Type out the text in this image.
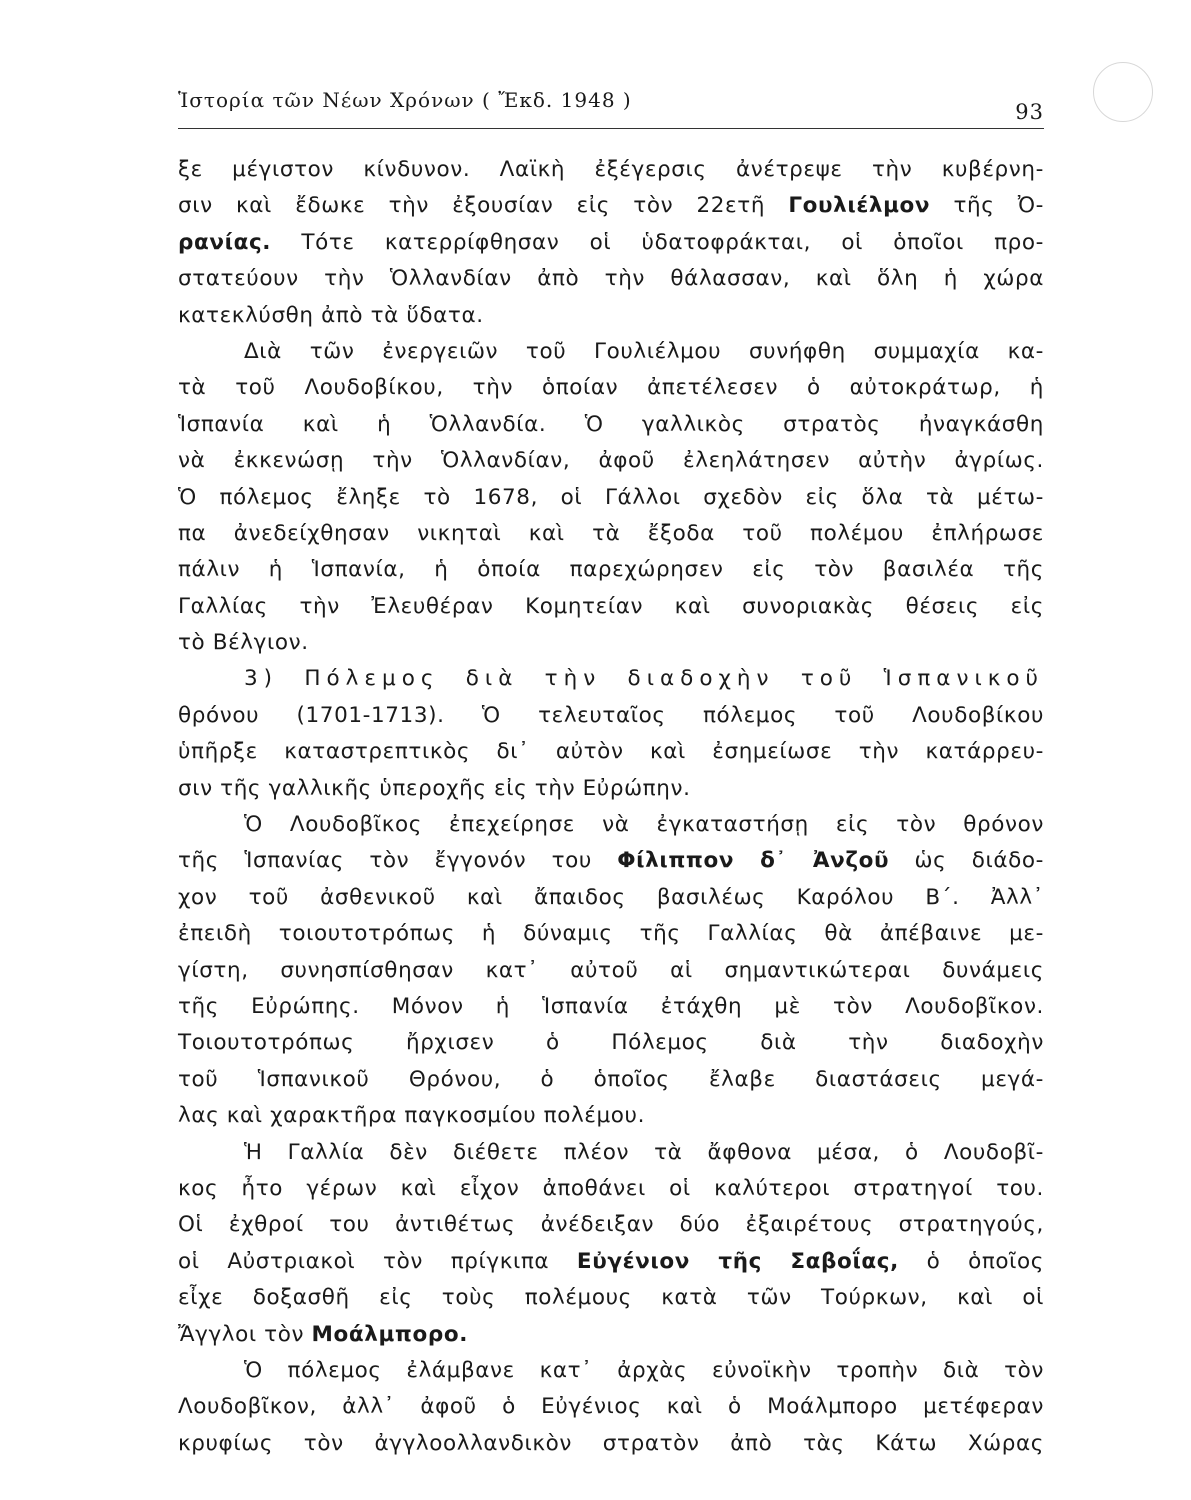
Ἱστορία τῶν Νέων Χρόνων ( Ἔκδ. 1948 )	93
ξε μέγιστον κίνδυνον. Λαϊκὴ ἐξέγερσις ἀνέτρεψε τὴν κυβέρνη-
σιν καὶ ἔδωκε τὴν ἐξουσίαν εἰς τὸν 22ετῆ Γουλιέλμον τῆς Ὀ-
ρανίας. Τότε κατερρίφθησαν οἱ ὑδατοφράκται, οἱ ὁποῖοι προ-
στατεύουν τὴν Ὁλλανδίαν ἀπὸ τὴν θάλασσαν, καὶ ὅλη ἡ χώρα
κατεκλύσθη ἀπὸ τὰ ὕδατα.
Διὰ τῶν ἐνεργειῶν τοῦ Γουλιέλμου συνήφθη συμμαχία κα-
τὰ τοῦ Λουδοβίκου, τὴν ὁποίαν ἀπετέλεσεν ὁ αὐτοκράτωρ, ἡ
Ἱσπανία καὶ ἡ Ὁλλανδία. Ὁ γαλλικὸς στρατὸς ἠναγκάσθη
νὰ ἐκκενώσῃ τὴν Ὁλλανδίαν, ἀφοῦ ἐλεηλάτησεν αὐτὴν ἀγρίως.
Ὁ πόλεμος ἔληξε τὸ 1678, οἱ Γάλλοι σχεδὸν εἰς ὅλα τὰ μέτω-
πα ἀνεδείχθησαν νικηταὶ καὶ τὰ ἔξοδα τοῦ πολέμου ἐπλήρωσε
πάλιν ἡ Ἱσπανία, ἡ ὁποία παρεχώρησεν εἰς τὸν βασιλέα τῆς
Γαλλίας τὴν Ἐλευθέραν Κομητείαν καὶ συνοριακὰς θέσεις εἰς
τὸ Βέλγιον.
3) Πόλεμος διὰ τὴν διαδοχὴν τοῦ Ἱσπανικοῦ
θρόνου (1701-1713). Ὁ τελευταῖος πόλεμος τοῦ Λουδοβίκου
ὑπῆρξε καταστρεπτικὸς δι᾿ αὐτὸν καὶ ἐσημείωσε τὴν κατάρρευ-
σιν τῆς γαλλικῆς ὑπεροχῆς εἰς τὴν Εὐρώπην.
Ὁ Λουδοβῖκος ἐπεχείρησε νὰ ἐγκαταστήσῃ εἰς τὸν θρόνον
τῆς Ἱσπανίας τὸν ἔγγονόν του Φίλιππον δ᾿ Ἀνζοῦ ὡς διάδο-
χον τοῦ ἀσθενικοῦ καὶ ἄπαιδος βασιλέως Καρόλου Β΄. Ἀλλ᾿
ἐπειδὴ τοιουτοτρόπως ἡ δύναμις τῆς Γαλλίας θὰ ἀπέβαινε με-
γίστη, συνησπίσθησαν κατ᾿ αὐτοῦ αἱ σημαντικώτεραι δυνάμεις
τῆς Εὐρώπης. Μόνον ἡ Ἱσπανία ἐτάχθη μὲ τὸν Λουδοβῖκον.
Τοιουτοτρόπως ἤρχισεν ὁ Πόλεμος διὰ τὴν διαδοχὴν
τοῦ Ἱσπανικοῦ Θρόνου, ὁ ὁποῖος ἔλαβε διαστάσεις μεγά-
λας καὶ χαρακτῆρα παγκοσμίου πολέμου.
Ἡ Γαλλία δὲν διέθετε πλέον τὰ ἄφθονα μέσα, ὁ Λουδοβῖ-
κος ἦτο γέρων καὶ εἶχον ἀποθάνει οἱ καλύτεροι στρατηγοί του.
Οἱ ἐχθροί του ἀντιθέτως ἀνέδειξαν δύο ἐξαιρέτους στρατηγούς,
οἱ Αὐστριακοὶ τὸν πρίγκιπα Εὐγένιον τῆς Σαβοΐας, ὁ ὁποῖος
εἶχε δοξασθῆ εἰς τοὺς πολέμους κατὰ τῶν Τούρκων, καὶ οἱ
Ἄγγλοι τὸν Μοάλμπορο.
Ὁ πόλεμος ἐλάμβανε κατ᾿ ἀρχὰς εὐνοϊκὴν τροπὴν διὰ τὸν
Λουδοβῖκον, ἀλλ᾿ ἀφοῦ ὁ Εὐγένιος καὶ ὁ Μοάλμπορο μετέφεραν
κρυφίως τὸν ἀγγλοολλανδικὸν στρατὸν ἀπὸ τὰς Κάτω Χώρας
